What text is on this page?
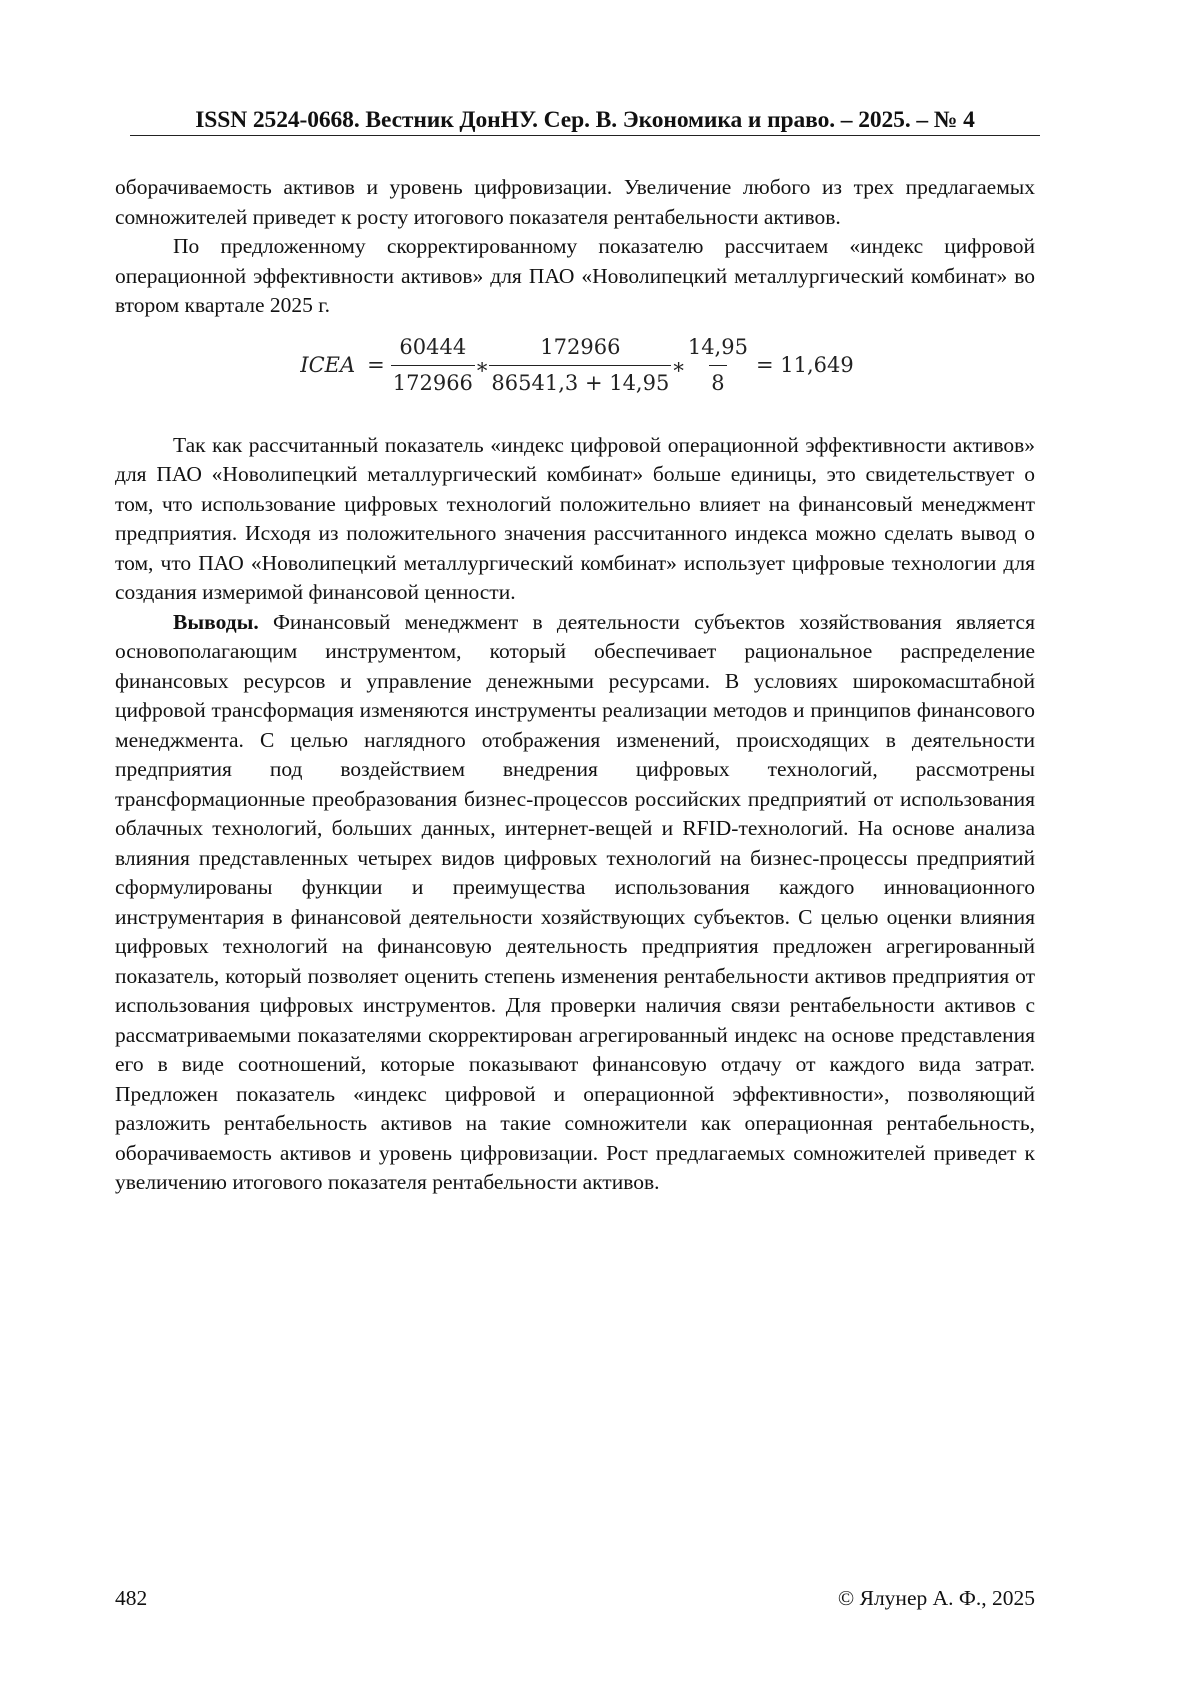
ISSN 2524-0668. Вестник ДонНУ. Сер. В. Экономика и право. – 2025. – № 4

оборачиваемость активов и уровень цифровизации. Увеличение любого из трех предлагаемых сомножителей приведет к росту итогового показателя рентабельности активов.

По предложенному скорректированному показателю рассчитаем «индекс цифровой операционной эффективности активов» для ПАО «Новолипецкий металлургический комбинат» во втором квартале 2025 г.

ICEA = $\frac{60444}{172966} * \frac{172966}{86541,3 + 14,95} * \frac{14,95}{8} = 11,649$

Так как рассчитанный показатель «индекс цифровой операционной эффективности активов» для ПАО «Новолипецкий металлургический комбинат» больше единицы, это свидетельствует о том, что использование цифровых технологий положительно влияет на финансовый менеджмент предприятия. Исходя из положительного значения рассчитанного индекса можно сделать вывод о том, что ПАО «Новолипецкий металлургический комбинат» использует цифровые технологии для создания измеримой финансовой ценности.

Выводы. Финансовый менеджмент в деятельности субъектов хозяйствования является основополагающим инструментом, который обеспечивает рациональное распределение финансовых ресурсов и управление денежными ресурсами. В условиях широкомасштабной цифровой трансформация изменяются инструменты реализации методов и принципов финансового менеджмента. С целью наглядного отображения изменений, происходящих в деятельности предприятия под воздействием внедрения цифровых технологий, рассмотрены трансформационные преобразования бизнес-процессов российских предприятий от использования облачных технологий, больших данных, интернет-вещей и RFID-технологий. На основе анализа влияния представленных четырех видов цифровых технологий на бизнес-процессы предприятий сформулированы функции и преимущества использования каждого инновационного инструментария в финансовой деятельности хозяйствующих субъектов. С целью оценки влияния цифровых технологий на финансовую деятельность предприятия предложен агрегированный показатель, который позволяет оценить степень изменения рентабельности активов предприятия от использования цифровых инструментов. Для проверки наличия связи рентабельности активов с рассматриваемыми показателями скорректирован агрегированный индекс на основе представления его в виде соотношений, которые показывают финансовую отдачу от каждого вида затрат. Предложен показатель «индекс цифровой и операционной эффективности», позволяющий разложить рентабельность активов на такие сомножители как операционная рентабельность, оборачиваемость активов и уровень цифровизации. Рост предлагаемых сомножителей приведет к увеличению итогового показателя рентабельности активов.

482	© Ялунер А. Ф., 2025
